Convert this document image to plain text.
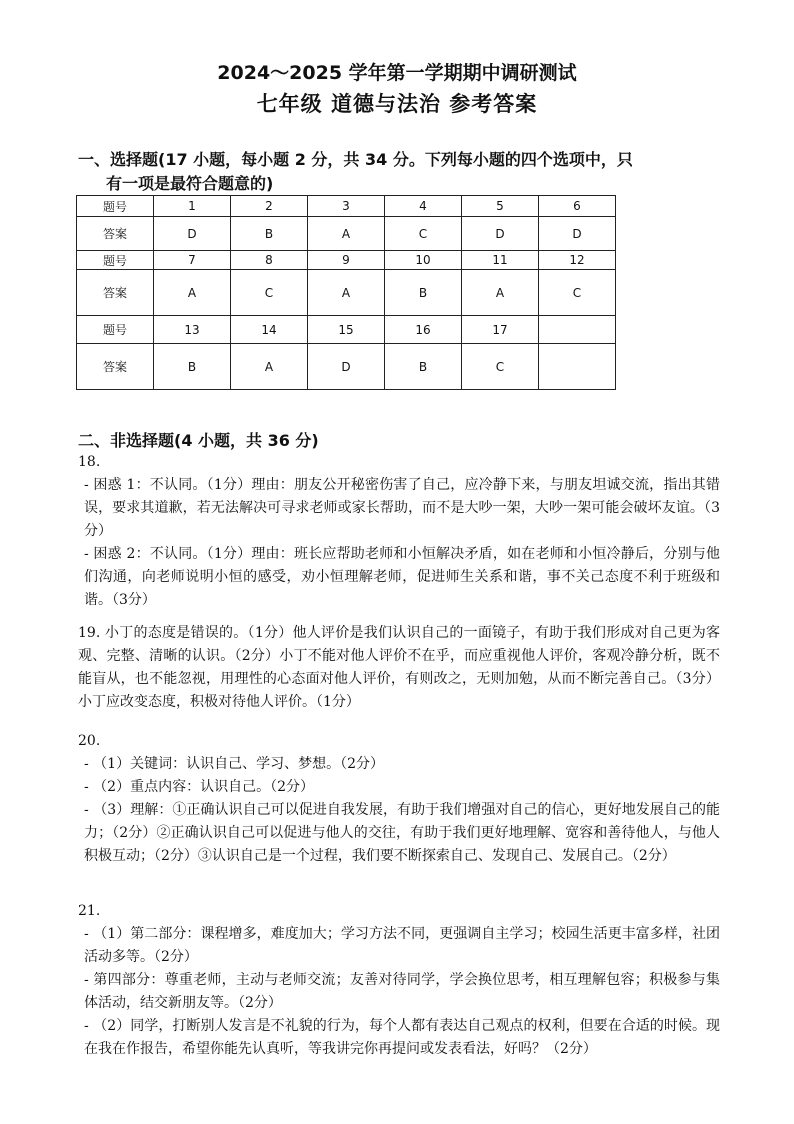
2024～2025 学年第一学期期中调研测试
七年级 道德与法治 参考答案
一、选择题(17 小题，每小题 2 分，共 34 分。下列每小题的四个选项中，只
有一项是最符合题意的)
题号	1	2	3	4	5	6
答案	D	B	A	C	D	D
题号	7	8	9	10	11	12
答案	A	C	A	B	A	C
题号	13	14	15	16	17	
答案	B	A	D	B	C	
二、非选择题(4 小题，共 36 分)

18.

- 困惑 1：不认同。（1分）理由：朋友公开秘密伤害了自己，应冷静下来，与朋友坦诚交流，指出其错误，要求其道歉，若无法解决可寻求老师或家长帮助，而不是大吵一架，大吵一架可能会破坏友谊。（3分）

- 困惑 2：不认同。（1分）理由：班长应帮助老师和小恒解决矛盾，如在老师和小恒冷静后，分别与他们沟通，向老师说明小恒的感受，劝小恒理解老师，促进师生关系和谐，事不关己态度不利于班级和谐。（3分）

19. 小丁的态度是错误的。（1分）他人评价是我们认识自己的一面镜子，有助于我们形成对自己更为客观、完整、清晰的认识。（2分）小丁不能对他人评价不在乎，而应重视他人评价，客观冷静分析，既不能盲从，也不能忽视，用理性的心态面对他人评价，有则改之，无则加勉，从而不断完善自己。（3分）小丁应改变态度，积极对待他人评价。（1分）

20.

- （1）关键词：认识自己、学习、梦想。（2分）

- （2）重点内容：认识自己。（2分）

- （3）理解：①正确认识自己可以促进自我发展，有助于我们增强对自己的信心，更好地发展自己的能力；（2分）②正确认识自己可以促进与他人的交往，有助于我们更好地理解、宽容和善待他人，与他人积极互动；（2分）③认识自己是一个过程，我们要不断探索自己、发现自己、发展自己。（2分）

21.

- （1）第二部分：课程增多，难度加大；学习方法不同，更强调自主学习；校园生活更丰富多样，社团活动多等。（2分）

- 第四部分：尊重老师，主动与老师交流；友善对待同学，学会换位思考，相互理解包容；积极参与集体活动，结交新朋友等。（2分）

- （2）同学，打断别人发言是不礼貌的行为，每个人都有表达自己观点的权利，但要在合适的时候。现在我在作报告，希望你能先认真听，等我讲完你再提问或发表看法，好吗？（2分）
